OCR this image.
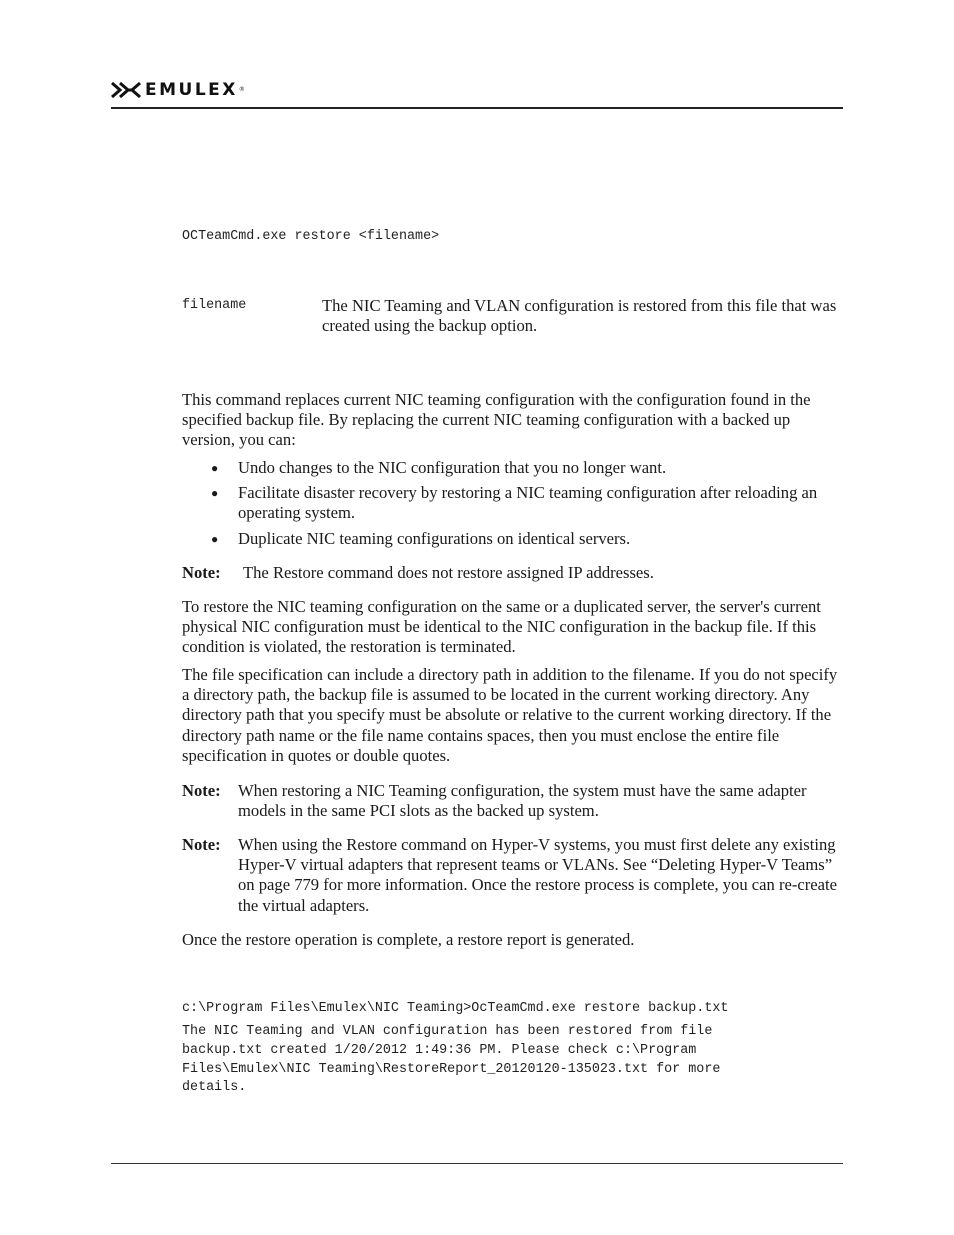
EMULEX ®
OCTeamCmd.exe restore <filename>
filename	The NIC Teaming and VLAN configuration is restored from this file that was created using the backup option.

This command replaces current NIC teaming configuration with the configuration found in the specified backup file. By replacing the current NIC teaming configuration with a backed up version, you can:

● Undo changes to the NIC configuration that you no longer want.
● Facilitate disaster recovery by restoring a NIC teaming configuration after reloading an operating system.
● Duplicate NIC teaming configurations on identical servers.
Note: The Restore command does not restore assigned IP addresses.

To restore the NIC teaming configuration on the same or a duplicated server, the server's current physical NIC configuration must be identical to the NIC configuration in the backup file. If this condition is violated, the restoration is terminated.

The file specification can include a directory path in addition to the filename. If you do not specify a directory path, the backup file is assumed to be located in the current working directory. Any directory path that you specify must be absolute or relative to the current working directory. If the directory path name or the file name contains spaces, then you must enclose the entire file specification in quotes or double quotes.

Note: When restoring a NIC Teaming configuration, the system must have the same adapter models in the same PCI slots as the backed up system.
Note: When using the Restore command on Hyper-V systems, you must first delete any existing Hyper-V virtual adapters that represent teams or VLANs. See “Deleting Hyper-V Teams” on page 779 for more information. Once the restore process is complete, you can re-create the virtual adapters.

Once the restore operation is complete, a restore report is generated.

c:\Program Files\Emulex\NIC Teaming>OcTeamCmd.exe restore backup.txt
The NIC Teaming and VLAN configuration has been restored from file
backup.txt created 1/20/2012 1:49:36 PM. Please check c:\Program
Files\Emulex\NIC Teaming\RestoreReport_20120120-135023.txt for more
details.
